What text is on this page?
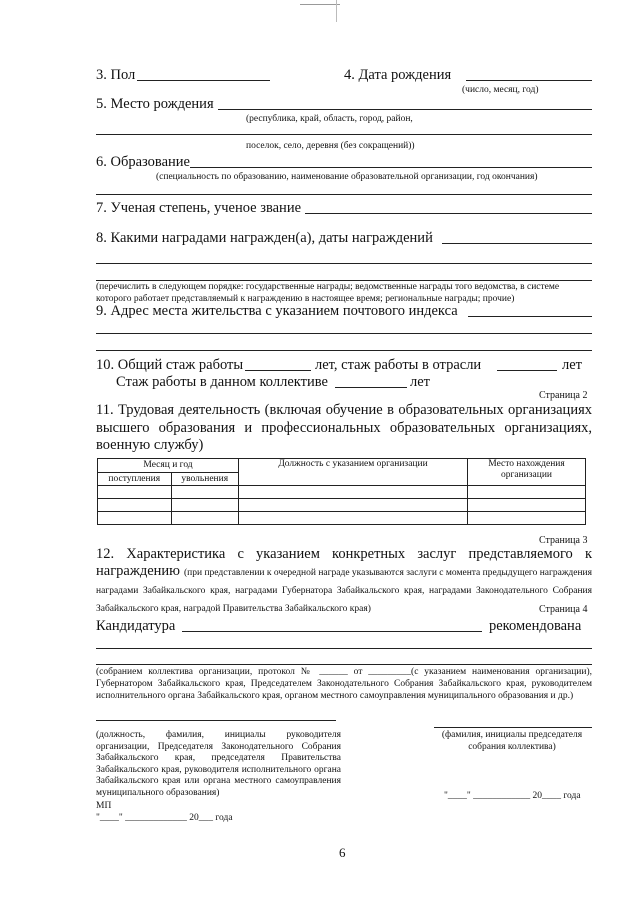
3. Пол	4. Дата рождения
(число, месяц, год)
5. Место рождения
(республика, край, область, город, район,
поселок, село, деревня (без сокращений))
6. Образование
(специальность по образованию, наименование образовательной организации, год окончания)
7. Ученая степень, ученое звание
8. Какими наградами награжден(а), даты награждений
(перечислить в следующем порядке: государственные награды; ведомственные награды того ведомства, в системе которого работает представляемый к награждению в настоящее время; региональные награды; прочие)
9. Адрес места жительства с указанием почтового индекса
10. Общий стаж работы	лет, стаж работы в отрасли	лет
Стаж работы в данном коллективе	лет
Страница 2
11. Трудовая деятельность (включая обучение в образовательных организациях высшего образования и профессиональных образовательных организациях, военную службу)
Месяц и год		Должность с указанием организации	Место нахождения организации
поступления	увольнения		

Страница 3
12. Характеристика с указанием конкретных заслуг представляемого к награждению (при представлении к очередной награде указываются заслуги с момента предыдущего награждения наградами Забайкальского края, наградами Губернатора Забайкальского края, наградами Законодательного Собрания Забайкальского края, наградой Правительства Забайкальского края)	Страница 4
Кандидатура	рекомендована
(собранием коллектива организации, протокол № ______ от _________(с указанием наименования организации), Губернатором Забайкальского края, Председателем Законодательного Собрания Забайкальского края, руководителем исполнительного органа Забайкальского края, органом местного самоуправления муниципального образования и др.)
(должность, фамилия, инициалы руководителя организации, Председателя Законодательного Собрания Забайкальского края, председателя Правительства Забайкальского края, руководителя исполнительного органа Забайкальского края или органа местного самоуправления муниципального образования)
(фамилия, инициалы председателя собрания коллектива)
МП
"____" _____________ 20___ года
"____" ____________ 20____ года
6
